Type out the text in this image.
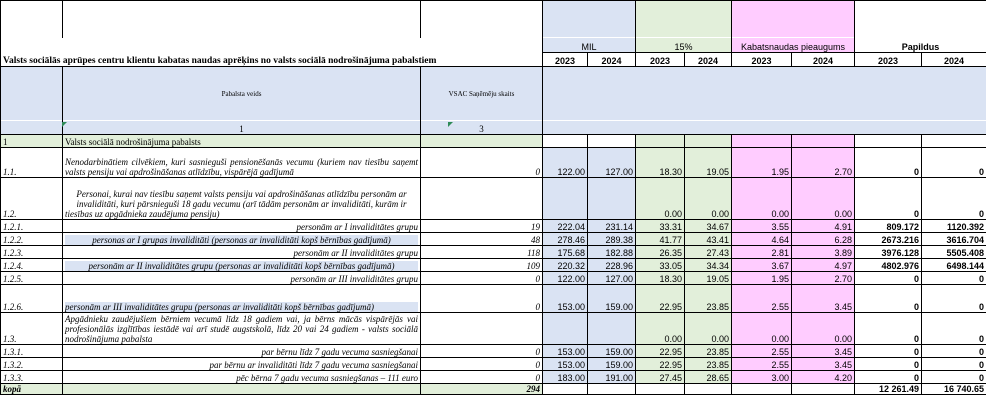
			MIL		15%		Kabatsnaudas pieaugums		Papildus	
Valsts sociālās aprūpes centru klientu kabatas naudas aprēķins no valsts sociālā nodrošinājuma pabalstiem			2023	2024	2023	2024	2023	2024	2023	2024
	Pabalsta veids	VSAC Saņēmēju skaits								
	1	3								
1	Valsts sociālā nodrošinājuma pabalsts									
1.1.	Nenodarbinātiem cilvēkiem, kuri sasnieguši pensionēšanās vecumu (kuriem nav tiesību saņemt valsts pensiju vai apdrošināšanas atlīdzību, vispārējā gadījumā	0	122.00	127.00	18.30	19.05	1.95	2.70	0	0
1.2.	Personai, kurai nav tiesību saņemt valsts pensiju vai apdrošināšanas atlīdzību personām ar invaliditāti, kuri pārsnieguši 18 gadu vecumu (arī tādām personām ar invaliditāti, kurām ir tiesības uz apgādnieka zaudējuma pensiju)				0.00	0.00	0.00	0.00	0	0
1.2.1.	personām ar I invaliditātes grupu	19	222.04	231.14	33.31	34.67	3.55	4.91	809.172	1120.392
1.2.2.	personas ar I grupas invaliditāti (personas ar invaliditāti kopš bērnības gadījumā)	48	278.46	289.38	41.77	43.41	4.64	6.28	2673.216	3616.704
1.2.3.	personām ar II invaliditātes grupu	118	175.68	182.88	26.35	27.43	2.81	3.89	3976.128	5505.408
1.2.4.	personām ar II invaliditātes grupu (personas ar invaliditāti kopš bērnības gadījumā)	109	220.32	228.96	33.05	34.34	3.67	4.97	4802.976	6498.144
1.2.5.	personām ar III invaliditātes grupu	0	122.00	127.00	18.30	19.05	1.95	2.70	0	0
1.2.6.	personām ar III invaliditātes grupu (personas ar invaliditāti kopš bērnības gadījumā)	0	153.00	159.00	22.95	23.85	2.55	3.45	0	0
1.3.	Apgādnieku zaudējušiem bērniem vecumā līdz 18 gadiem vai, ja bērns mācās vispārējās vai profesionālās izglītības iestādē vai arī studē augstskolā, līdz 20 vai 24 gadiem - valsts sociālā nodrošinājuma pabalsta				0.00	0.00	0.00	0.00	0	0
1.3.1.	par bērnu līdz 7 gadu vecuma sasniegšanai	0	153.00	159.00	22.95	23.85	2.55	3.45	0	0
1.3.2.	par bērnu ar invaliditāti līdz 7 gadu vecuma sasniegšanai	0	153.00	159.00	22.95	23.85	2.55	3.45	0	0
1.3.3.	pēc bērna 7 gadu vecuma sasniegšanas – 111 euro	0	183.00	191.00	27.45	28.65	3.00	4.20	0	0
kopā		294							12 261.49	16 740.65
